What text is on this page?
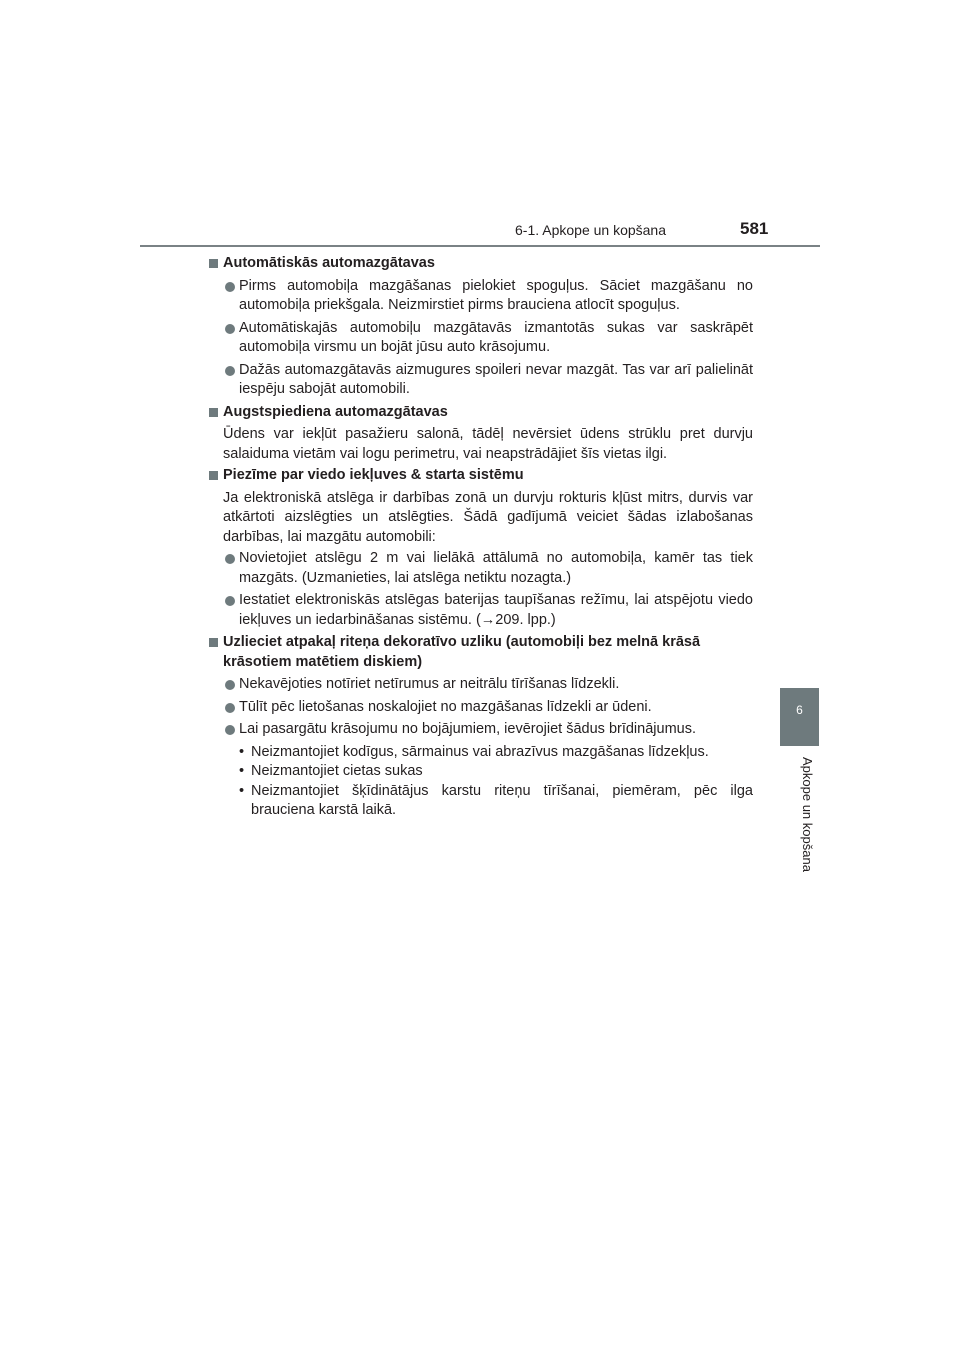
6-1. Apkope un kopšana	581
6
Apkope un kopšana
Automātiskās automazgātavas
Pirms automobiļa mazgāšanas pielokiet spoguļus. Sāciet mazgāšanu no automobiļa priekšgala. Neizmirstiet pirms brauciena atlocīt spoguļus.
Automātiskajās automobiļu mazgātavās izmantotās sukas var saskrāpēt automobiļa virsmu un bojāt jūsu auto krāsojumu.
Dažās automazgātavās aizmugures spoileri nevar mazgāt. Tas var arī palielināt iespēju sabojāt automobili.
Augstspiediena automazgātavas
Ūdens var iekļūt pasažieru salonā, tādēļ nevērsiet ūdens strūklu pret durvju salaiduma vietām vai logu perimetru, vai neapstrādājiet šīs vietas ilgi.
Piezīme par viedo iekļuves & starta sistēmu
Ja elektroniskā atslēga ir darbības zonā un durvju rokturis kļūst mitrs, durvis var atkārtoti aizslēgties un atslēgties. Šādā gadījumā veiciet šādas izlabošanas darbības, lai mazgātu automobili:
Novietojiet atslēgu 2 m vai lielākā attālumā no automobiļa, kamēr tas tiek mazgāts. (Uzmanieties, lai atslēga netiktu nozagta.)
Iestatiet elektroniskās atslēgas baterijas taupīšanas režīmu, lai atspējotu viedo iekļuves un iedarbināšanas sistēmu. (→209. lpp.)
Uzlieciet atpakaļ riteņa dekoratīvo uzliku (automobiļi bez melnā krāsā krāsotiem matētiem diskiem)
Nekavējoties notīriet netīrumus ar neitrālu tīrīšanas līdzekli.
Tūlīt pēc lietošanas noskalojiet no mazgāšanas līdzekli ar ūdeni.
Lai pasargātu krāsojumu no bojājumiem, ievērojiet šādus brīdinājumus.
• Neizmantojiet kodīgus, sārmainus vai abrazīvus mazgāšanas līdzekļus.
• Neizmantojiet cietas sukas
• Neizmantojiet šķīdinātājus karstu riteņu tīrīšanai, piemēram, pēc ilga brauciena karstā laikā.
